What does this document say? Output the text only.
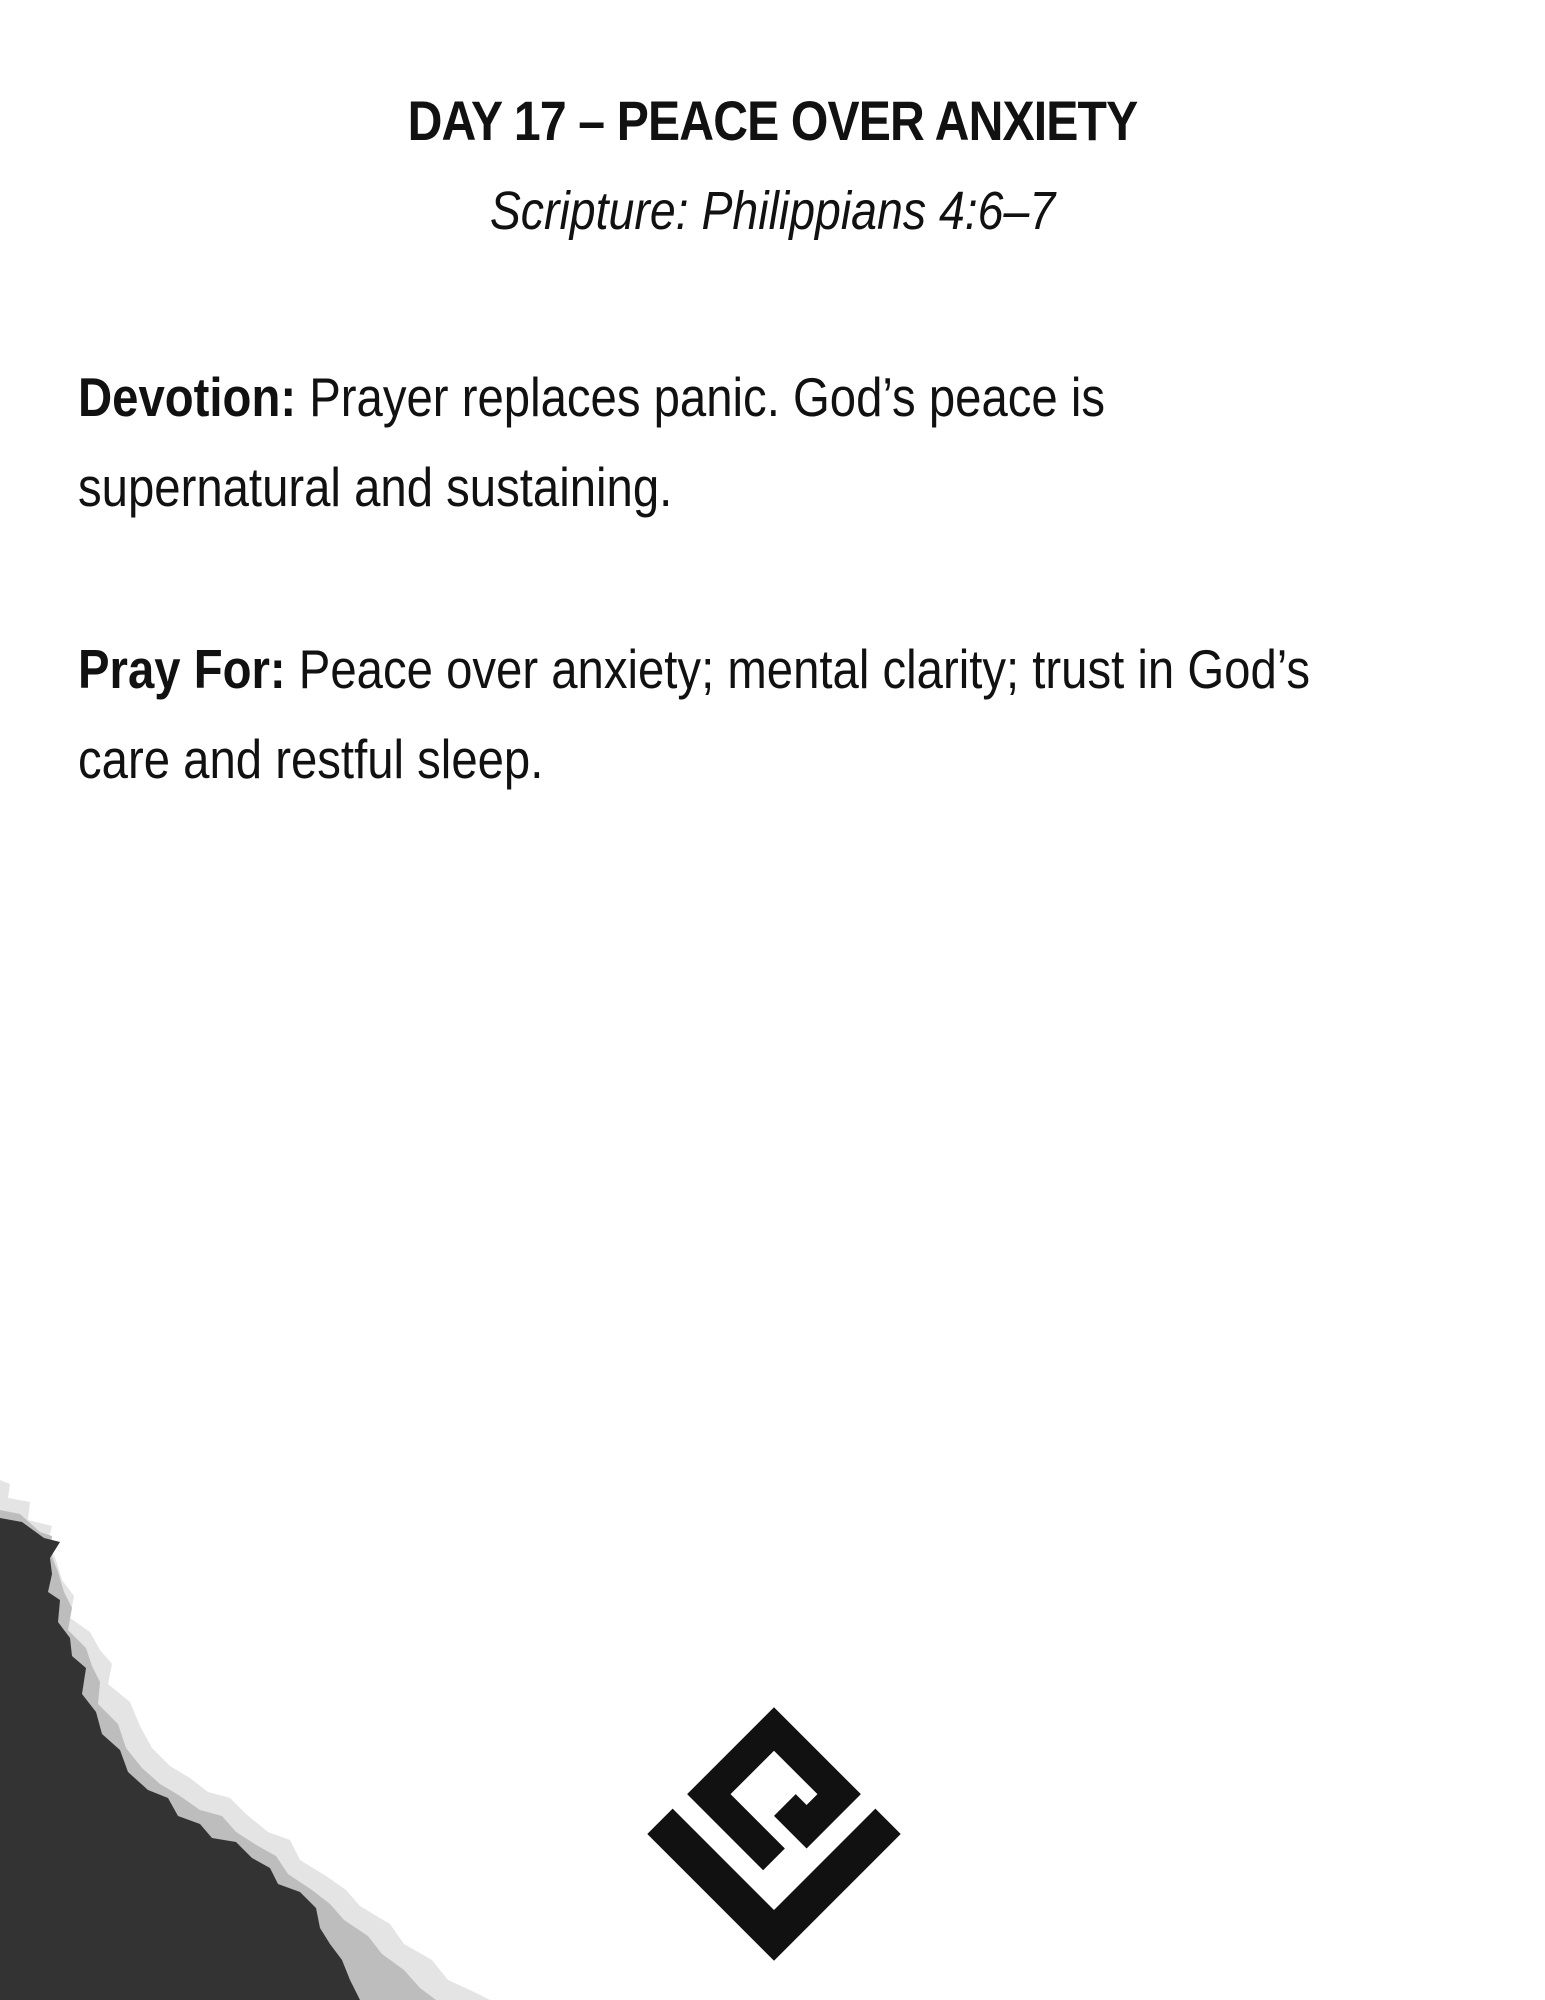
DAY 17 – PEACE OVER ANXIETY

Scripture: Philippians 4:6–7

Devotion: Prayer replaces panic. God’s peace is supernatural and sustaining.

Pray For: Peace over anxiety; mental clarity; trust in God’s care and restful sleep.
